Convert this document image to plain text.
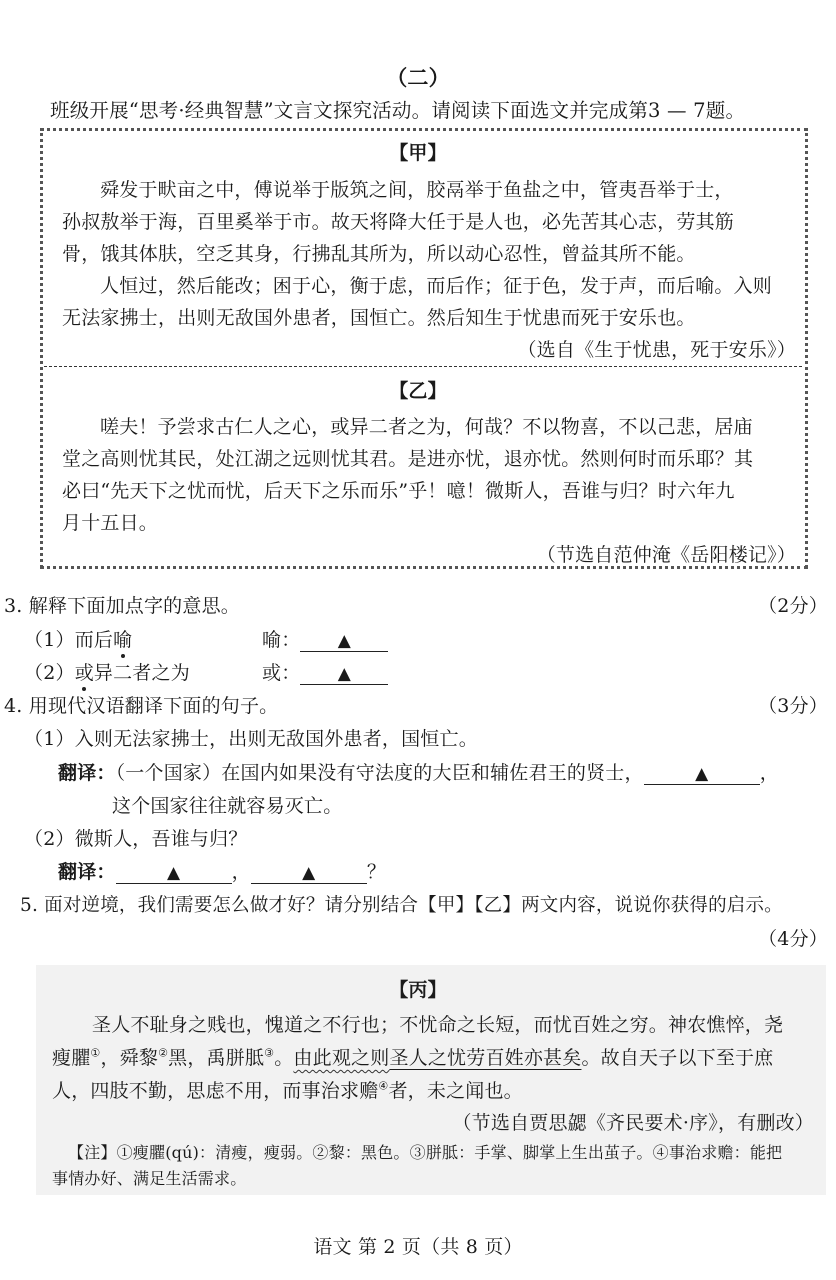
（二）
班级开展“思考·经典智慧”文言文探究活动。请阅读下面选文并完成第3 — 7题。
【甲】
舜发于畎亩之中，傅说举于版筑之间，胶鬲举于鱼盐之中，管夷吾举于士，
孙叔敖举于海，百里奚举于市。故天将降大任于是人也，必先苦其心志，劳其筋
骨，饿其体肤，空乏其身，行拂乱其所为，所以动心忍性，曾益其所不能。
人恒过，然后能改；困于心，衡于虑，而后作；征于色，发于声，而后喻。入则
无法家拂士，出则无敌国外患者，国恒亡。然后知生于忧患而死于安乐也。
（选自《生于忧患，死于安乐》）
【乙】
嗟夫！予尝求古仁人之心，或异二者之为，何哉？不以物喜，不以己悲，居庙
堂之高则忧其民，处江湖之远则忧其君。是进亦忧，退亦忧。然则何时而乐耶？其
必曰“先天下之忧而忧，后天下之乐而乐”乎！噫！微斯人，吾谁与归？时六年九
月十五日。
（节选自范仲淹《岳阳楼记》）
3. 解释下面加点字的意思。	（2分）
（1）而后喻	喻： ▲
（2）或异二者之为	或： ▲
4. 用现代汉语翻译下面的句子。	（3分）
（1）入则无法家拂士，出则无敌国外患者，国恒亡。
翻译：（一个国家）在国内如果没有守法度的大臣和辅佐君王的贤士，	▲	，
这个国家往往就容易灭亡。
（2）微斯人，吾谁与归？
翻译：	▲	，	▲	？
5. 面对逆境，我们需要怎么做才好？请分别结合【甲】【乙】两文内容，说说你获得的启示。
（4分）
【丙】
圣人不耻身之贱也，愧道之不行也；不忧命之长短，而忧百姓之穷。神农憔悴，尧
瘦臞①，舜黎②黑，禹胼胝③。由此观之则圣人之忧劳百姓亦甚矣。故自天子以下至于庶
人，四肢不勤，思虑不用，而事治求赡④者，未之闻也。
（节选自贾思勰《齐民要术·序》，有删改）
【注】①瘦臞(qú)：清瘦，瘦弱。②黎：黑色。③胼胝：手掌、脚掌上生出茧子。④事治求赡：能把
事情办好、满足生活需求。
语文 第 2 页（共 8 页）
